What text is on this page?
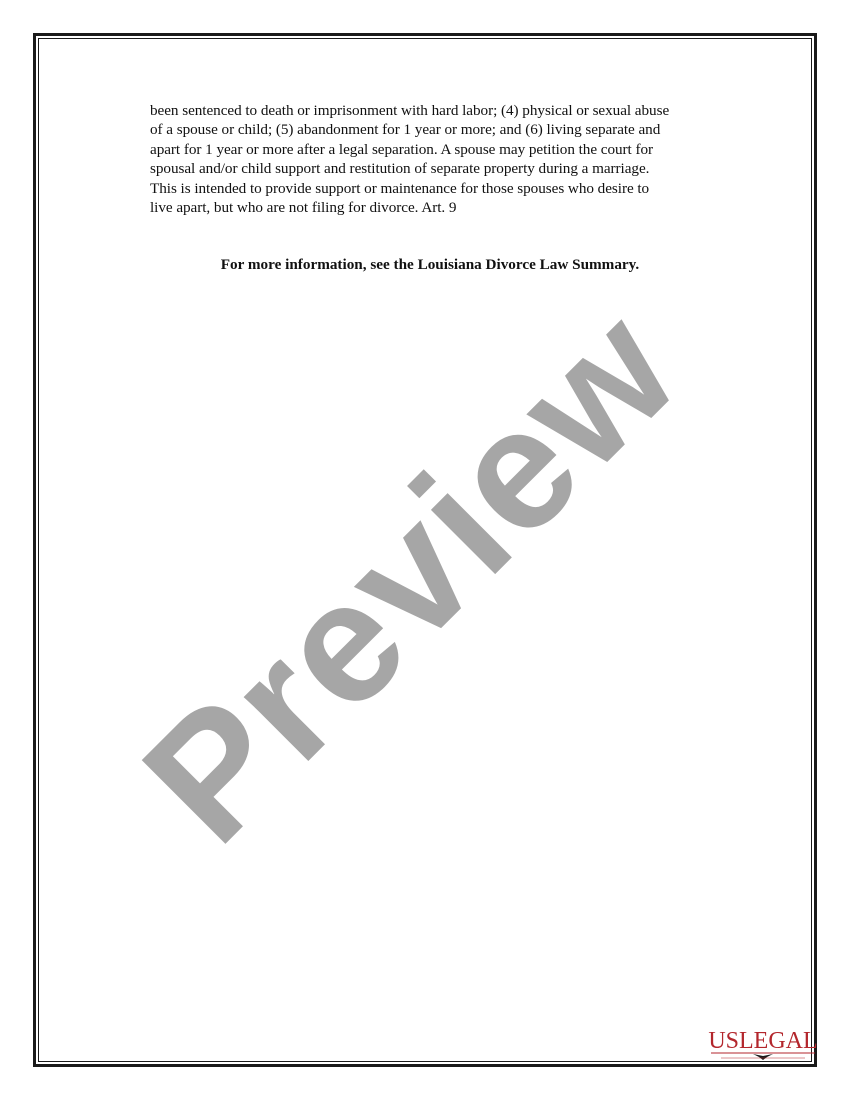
been sentenced to death or imprisonment with hard labor; (4) physical or sexual abuse
of a spouse or child; (5) abandonment for 1 year or more; and (6) living separate and
apart for 1 year or more after a legal separation. A spouse may petition the court for
spousal and/or child support and restitution of separate property during a marriage.
This is intended to provide support or maintenance for those spouses who desire to
live apart, but who are not filing for divorce. Art. 9

For more information, see the Louisiana Divorce Law Summary.

Preview
USLEGAL
